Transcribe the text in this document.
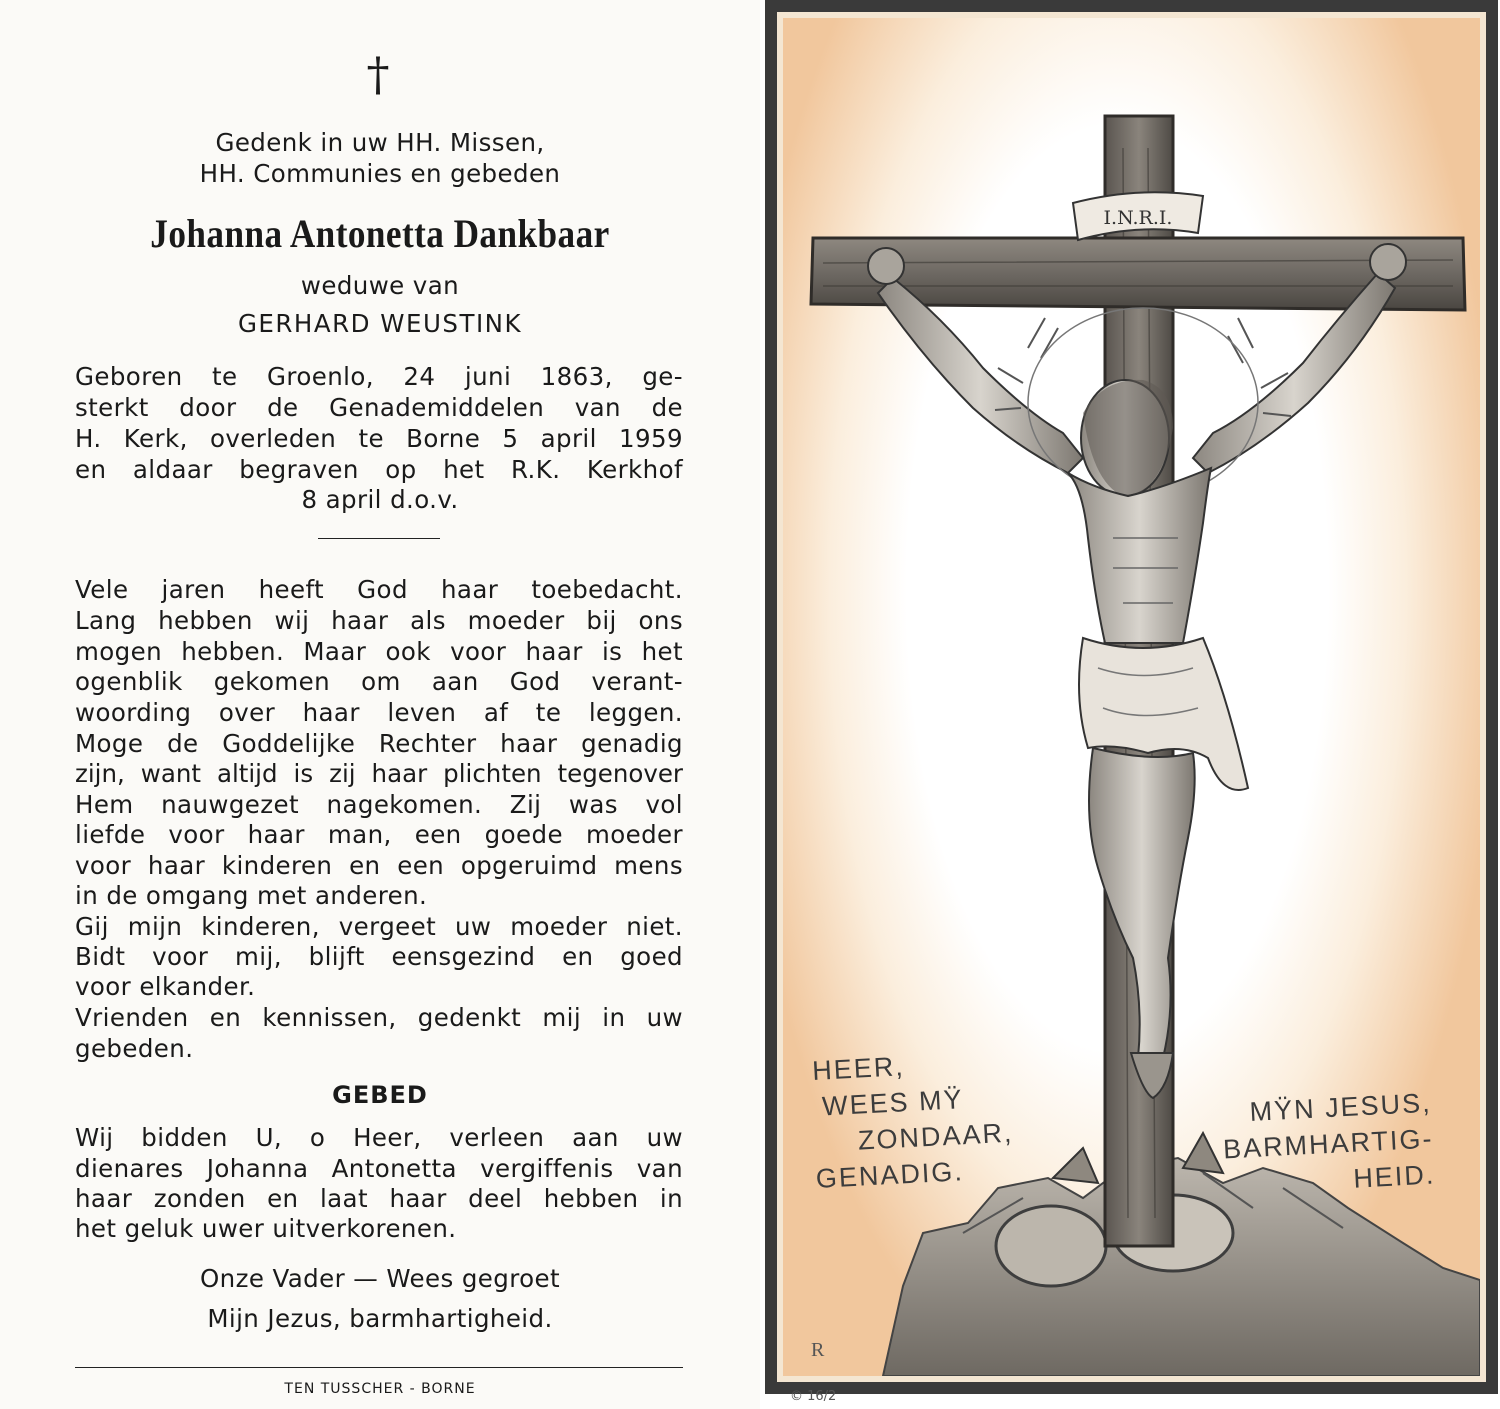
†

Gedenk in uw HH. Missen,

HH. Communies en gebeden

Johanna Antonetta Dankbaar

weduwe van

GERHARD WEUSTINK

Geboren te Groenlo, 24 juni 1863, ge-

sterkt door de Genademiddelen van de

H. Kerk, overleden te Borne 5 april 1959

en aldaar begraven op het R.K. Kerkhof

8 april d.o.v.

Vele jaren heeft God haar toebedacht.

Lang hebben wij haar als moeder bij ons

mogen hebben. Maar ook voor haar is het

ogenblik gekomen om aan God verant-

woording over haar leven af te leggen.

Moge de Goddelijke Rechter haar genadig

zijn, want altijd is zij haar plichten tegenover

Hem nauwgezet nagekomen. Zij was vol

liefde voor haar man, een goede moeder

voor haar kinderen en een opgeruimd mens

in de omgang met anderen.

Gij mijn kinderen, vergeet uw moeder niet.

Bidt voor mij, blijft eensgezind en goed

voor elkander.

Vrienden en kennissen, gedenkt mij in uw

gebeden.

GEBED

Wij bidden U, o Heer, verleen aan uw

dienares Johanna Antonetta vergiffenis van

haar zonden en laat haar deel hebben in

het geluk uwer uitverkorenen.

Onze Vader — Wees gegroet

Mijn Jezus, barmhartigheid.

TEN TUSSCHER - BORNE

I.N.R.I.
R
HEER,
WEES MŸ
ZONDAAR,
GENADIG.
MŸN JESUS,
BARMHARTIG-
HEID.
© 16/2
